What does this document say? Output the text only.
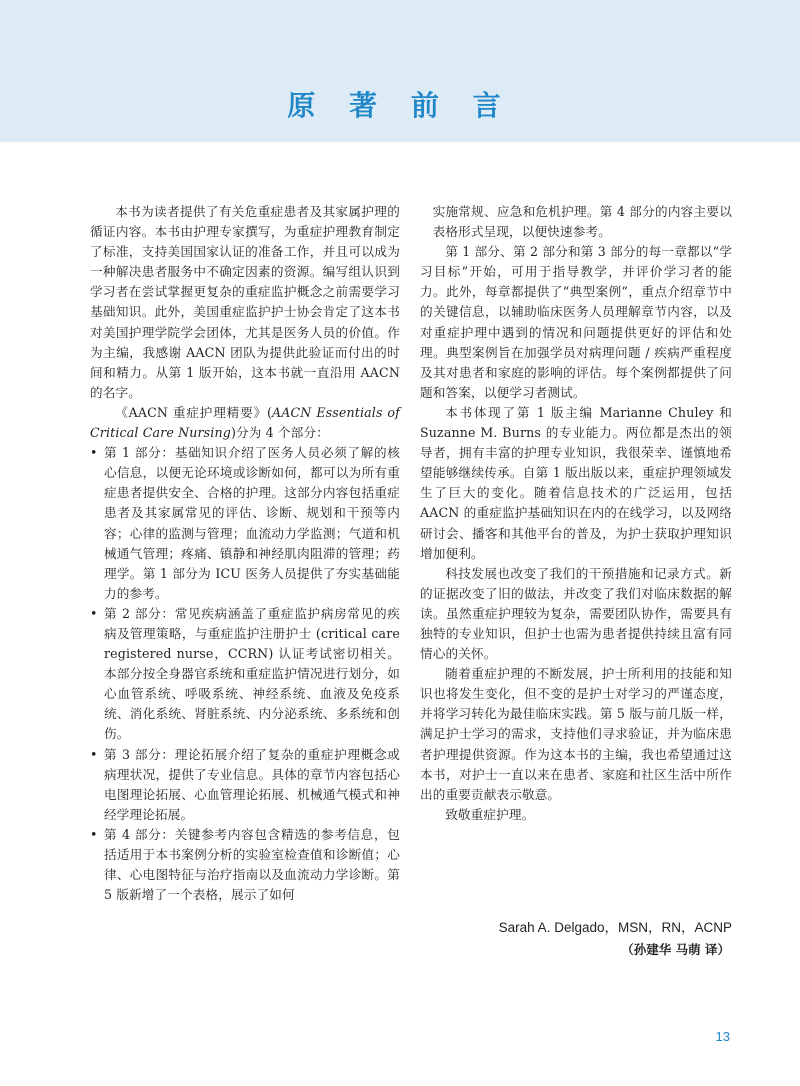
原 著 前 言

本书为读者提供了有关危重症患者及其家属护理的循证内容。本书由护理专家撰写，为重症护理教育制定了标准，支持美国国家认证的准备工作，并且可以成为一种解决患者服务中不确定因素的资源。编写组认识到学习者在尝试掌握更复杂的重症监护概念之前需要学习基础知识。此外，美国重症监护护士协会肯定了这本书对美国护理学院学会团体，尤其是医务人员的价值。作为主编，我感谢 AACN 团队为提供此验证而付出的时间和精力。从第 1 版开始，这本书就一直沿用 AACN 的名字。

《AACN 重症护理精要》(AACN Essentials of Critical Care Nursing)分为 4 个部分：

• 第 1 部分：基础知识介绍了医务人员必须了解的核心信息，以便无论环境或诊断如何，都可以为所有重症患者提供安全、合格的护理。这部分内容包括重症患者及其家属常见的评估、诊断、规划和干预等内容；心律的监测与管理；血流动力学监测；气道和机械通气管理；疼痛、镇静和神经肌肉阻滞的管理；药理学。第 1 部分为 ICU 医务人员提供了夯实基础能力的参考。
• 第 2 部分：常见疾病涵盖了重症监护病房常见的疾病及管理策略，与重症监护注册护士 (critical care registered nurse，CCRN) 认证考试密切相关。本部分按全身器官系统和重症监护情况进行划分，如心血管系统、呼吸系统、神经系统、血液及免疫系统、消化系统、肾脏系统、内分泌系统、多系统和创伤。
• 第 3 部分：理论拓展介绍了复杂的重症护理概念或病理状况，提供了专业信息。具体的章节内容包括心电图理论拓展、心血管理论拓展、机械通气模式和神经学理论拓展。
• 第 4 部分：关键参考内容包含精选的参考信息，包括适用于本书案例分析的实验室检查值和诊断值；心律、心电图特征与治疗指南以及血流动力学诊断。第 5 版新增了一个表格，展示了如何

实施常规、应急和危机护理。第 4 部分的内容主要以表格形式呈现，以便快速参考。

第 1 部分、第 2 部分和第 3 部分的每一章都以“学习目标”开始，可用于指导教学，并评价学习者的能力。此外，每章都提供了“典型案例”，重点介绍章节中的关键信息，以辅助临床医务人员理解章节内容，以及对重症护理中遇到的情况和问题提供更好的评估和处理。典型案例旨在加强学员对病理问题 / 疾病严重程度及其对患者和家庭的影响的评估。每个案例都提供了问题和答案，以便学习者测试。

本书体现了第 1 版主编 Marianne Chuley 和 Suzanne M. Burns 的专业能力。两位都是杰出的领导者，拥有丰富的护理专业知识，我很荣幸、谨慎地希望能够继续传承。自第 1 版出版以来，重症护理领域发生了巨大的变化。随着信息技术的广泛运用，包括 AACN 的重症监护基础知识在内的在线学习，以及网络研讨会、播客和其他平台的普及，为护士获取护理知识增加便利。

科技发展也改变了我们的干预措施和记录方式。新的证据改变了旧的做法，并改变了我们对临床数据的解读。虽然重症护理较为复杂，需要团队协作，需要具有独特的专业知识，但护士也需为患者提供持续且富有同情心的关怀。

随着重症护理的不断发展，护士所利用的技能和知识也将发生变化，但不变的是护士对学习的严谨态度，并将学习转化为最佳临床实践。第 5 版与前几版一样，满足护士学习的需求，支持他们寻求验证，并为临床患者护理提供资源。作为这本书的主编，我也希望通过这本书，对护士一直以来在患者、家庭和社区生活中所作出的重要贡献表示敬意。

致敬重症护理。

Sarah A. Delgado，MSN，RN，ACNP
（孙建华 马萌 译）
13
